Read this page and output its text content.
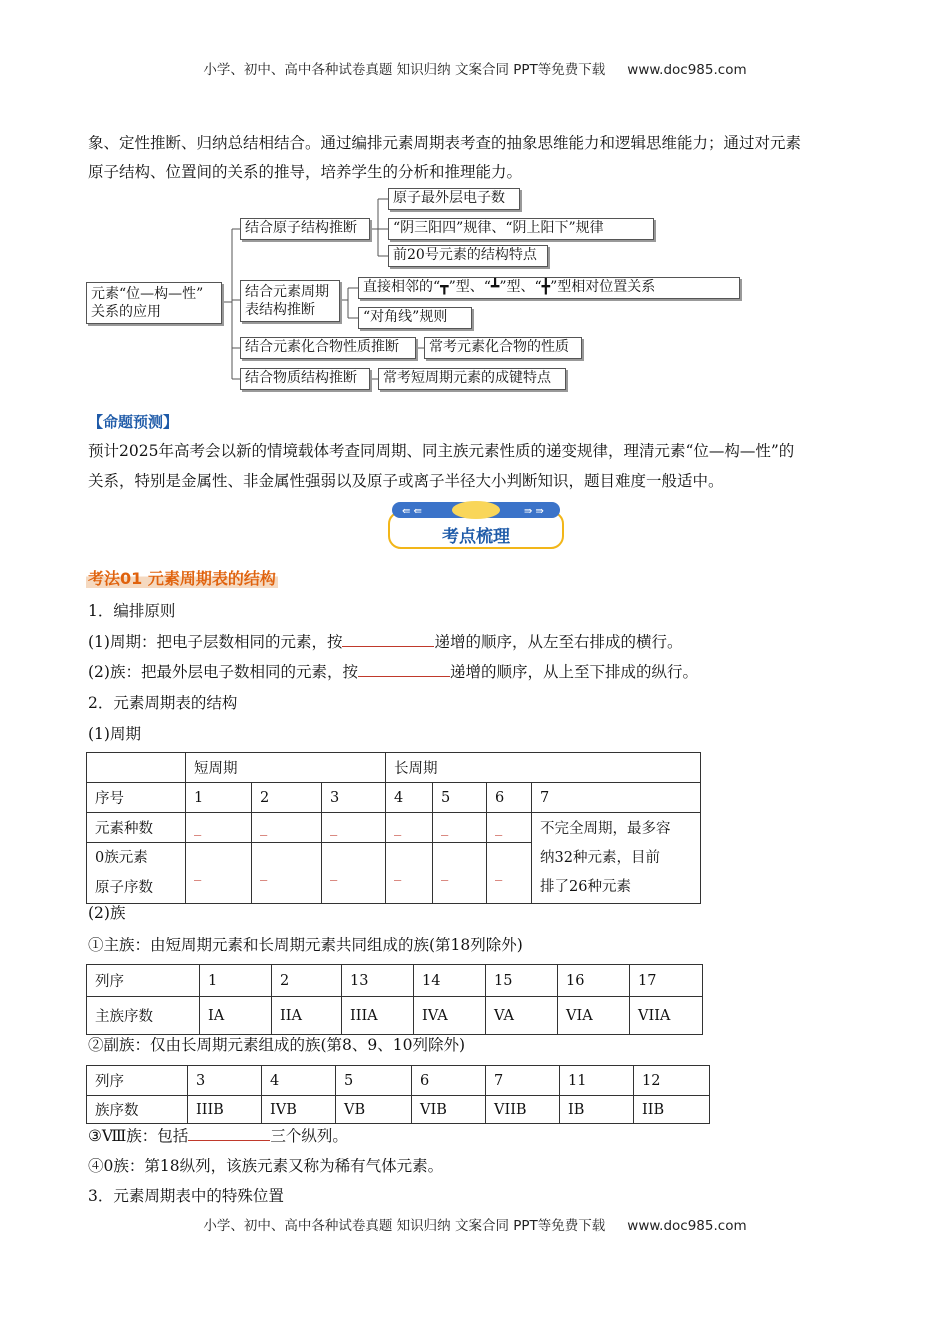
小学、初中、高中各种试卷真题 知识归纳 文案合同 PPT等免费下载 www.doc985.com
象、定性推断、归纳总结相结合。通过编排元素周期表考查的抽象思维能力和逻辑思维能力；通过对元素
原子结构、位置间的关系的推导，培养学生的分析和推理能力。
元素“位—构—性”
关系的应用
结合原子结构推断
原子最外层电子数
“阴三阳四”规律、“阴上阳下”规律
前20号元素的结构特点
结合元素周期
表结构推断
直接相邻的“┳”型、“┻”型、“╋”型相对位置关系
“对角线”规则
结合元素化合物性质推断	常考元素化合物的性质
结合物质结构推断	常考短周期元素的成键特点
【命题预测】
预计2025年高考会以新的情境载体考查同周期、同主族元素性质的递变规律，理清元素“位—构—性”的
关系，特别是金属性、非金属性强弱以及原子或离子半径大小判断知识，题目难度一般适中。
⇚ ⇚	⇛ ⇛
考点梳理
考法01 元素周期表的结构
1．编排原则
(1)周期：把电子层数相同的元素，按	递增的顺序，从左至右排成的横行。
(2)族：把最外层电子数相同的元素，按	递增的顺序，从上至下排成的纵行。
2．元素周期表的结构
(1)周期
	短周期			长周期			
序号	1	2	3	4	5	6	7
元素种数	_	_	_	_	_	_	不完全周期，最多容
纳32种元素，目前
排了26种元素

0族元素
原子序数	_	_	_	_	_	_	
(2)族
①主族：由短周期元素和长周期元素共同组成的族(第18列除外)
列序	1	2	13	14	15	16	17
主族序数	IA	IIA	IIIA	IVA	VA	VIA	VIIA
②副族：仅由长周期元素组成的族(第8、9、10列除外)
列序	3	4	5	6	7	11	12
族序数	IIIB	IVB	VB	VIB	VIIB	IB	IIB
③Ⅷ族：包括	三个纵列。
④0族：第18纵列，该族元素又称为稀有气体元素。
3．元素周期表中的特殊位置
小学、初中、高中各种试卷真题 知识归纳 文案合同 PPT等免费下载 www.doc985.com
